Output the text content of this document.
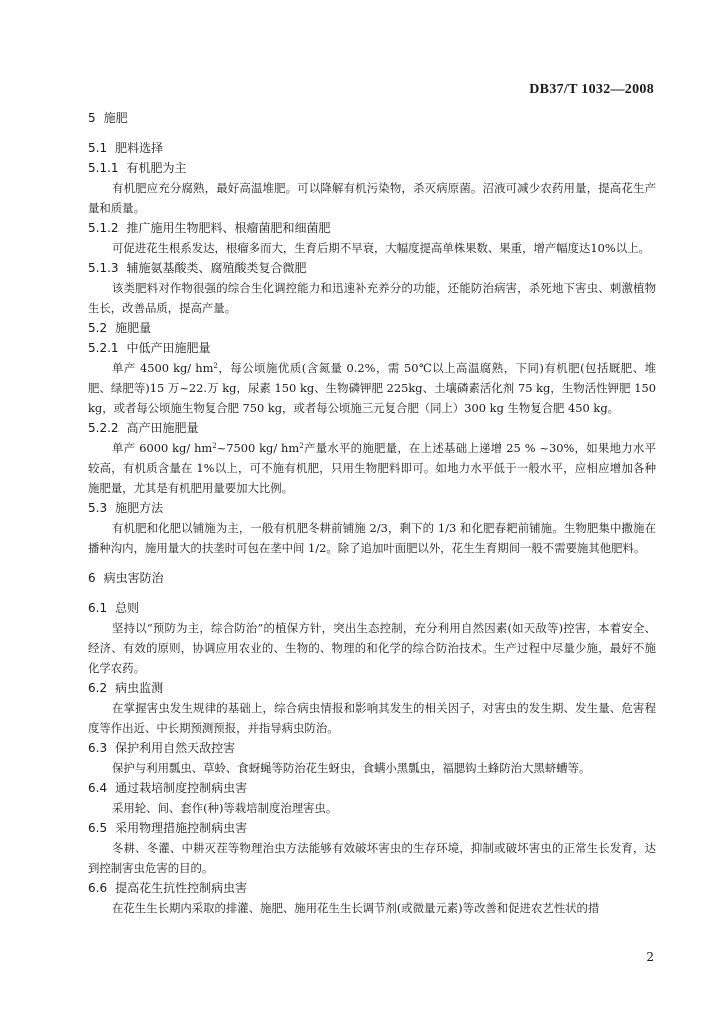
DB37/T 1032—2008
5 施肥
5.1 肥料选择
5.1.1 有机肥为主

有机肥应充分腐熟，最好高温堆肥。可以降解有机污染物，杀灭病原菌。沼液可减少农药用量，提高花生产量和质量。

5.1.2 推广施用生物肥料、根瘤菌肥和细菌肥

可促进花生根系发达，根瘤多而大，生育后期不早衰，大幅度提高单株果数、果重，增产幅度达10%以上。

5.1.3 辅施氨基酸类、腐殖酸类复合微肥

该类肥料对作物很强的综合生化调控能力和迅速补充养分的功能，还能防治病害，杀死地下害虫、刺激植物生长，改善品质，提高产量。

5.2 施肥量
5.2.1 中低产田施肥量

单产 4500 kg/ $hm^2$，每公顷施优质(含氮量 0.2%，需 50℃以上高温腐熟，下同)有机肥(包括厩肥、堆肥、绿肥等)15 万~22.万 kg，尿素 150 kg、生物磷钾肥 225kg、土壤磷素活化剂 75 kg，生物活性钾肥 150 kg，或者每公顷施生物复合肥 750 kg，或者每公顷施三元复合肥（同上）300 kg 生物复合肥 450 kg。

5.2.2 高产田施肥量

单产 6000 kg/ $hm^2\sim 7500$ kg/ $hm^2$产量水平的施肥量，在上述基础上递增 25 % ~30%，如果地力水平较高，有机质含量在 1%以上，可不施有机肥，只用生物肥料即可。如地力水平低于一般水平，应相应增加各种施肥量，尤其是有机肥用量要加大比例。

5.3 施肥方法

有机肥和化肥以铺施为主，一般有机肥冬耕前铺施 2/3，剩下的 1/3 和化肥春耙前铺施。生物肥集中撒施在播种沟内，施用量大的扶垄时可包在垄中间 1/2。除了追加叶面肥以外，花生生育期间一般不需要施其他肥料。

6 病虫害防治
6.1 总则

坚持以“预防为主，综合防治”的植保方针，突出生态控制，充分利用自然因素(如天敌等)控害，本着安全、经济、有效的原则，协调应用农业的、生物的、物理的和化学的综合防治技术。生产过程中尽量少施，最好不施化学农药。

6.2 病虫监测

在掌握害虫发生规律的基础上，综合病虫情报和影响其发生的相关因子，对害虫的发生期、发生量、危害程度等作出近、中长期预测预报，并指导病虫防治。

6.3 保护利用自然天敌控害

保护与利用瓢虫、草蛉、食蚜蝇等防治花生蚜虫，食螨小黑瓢虫，福腮钩土蜂防治大黑蛴螬等。

6.4 通过栽培制度控制病虫害

采用轮、间、套作(种)等栽培制度治理害虫。

6.5 采用物理措施控制病虫害

冬耕、冬灌、中耕灭茬等物理治虫方法能够有效破坏害虫的生存环境，抑制或破坏害虫的正常生长发育，达到控制害虫危害的目的。

6.6 提高花生抗性控制病虫害

在花生生长期内采取的排灌、施肥、施用花生生长调节剂(或微量元素)等改善和促进农艺性状的措

2
